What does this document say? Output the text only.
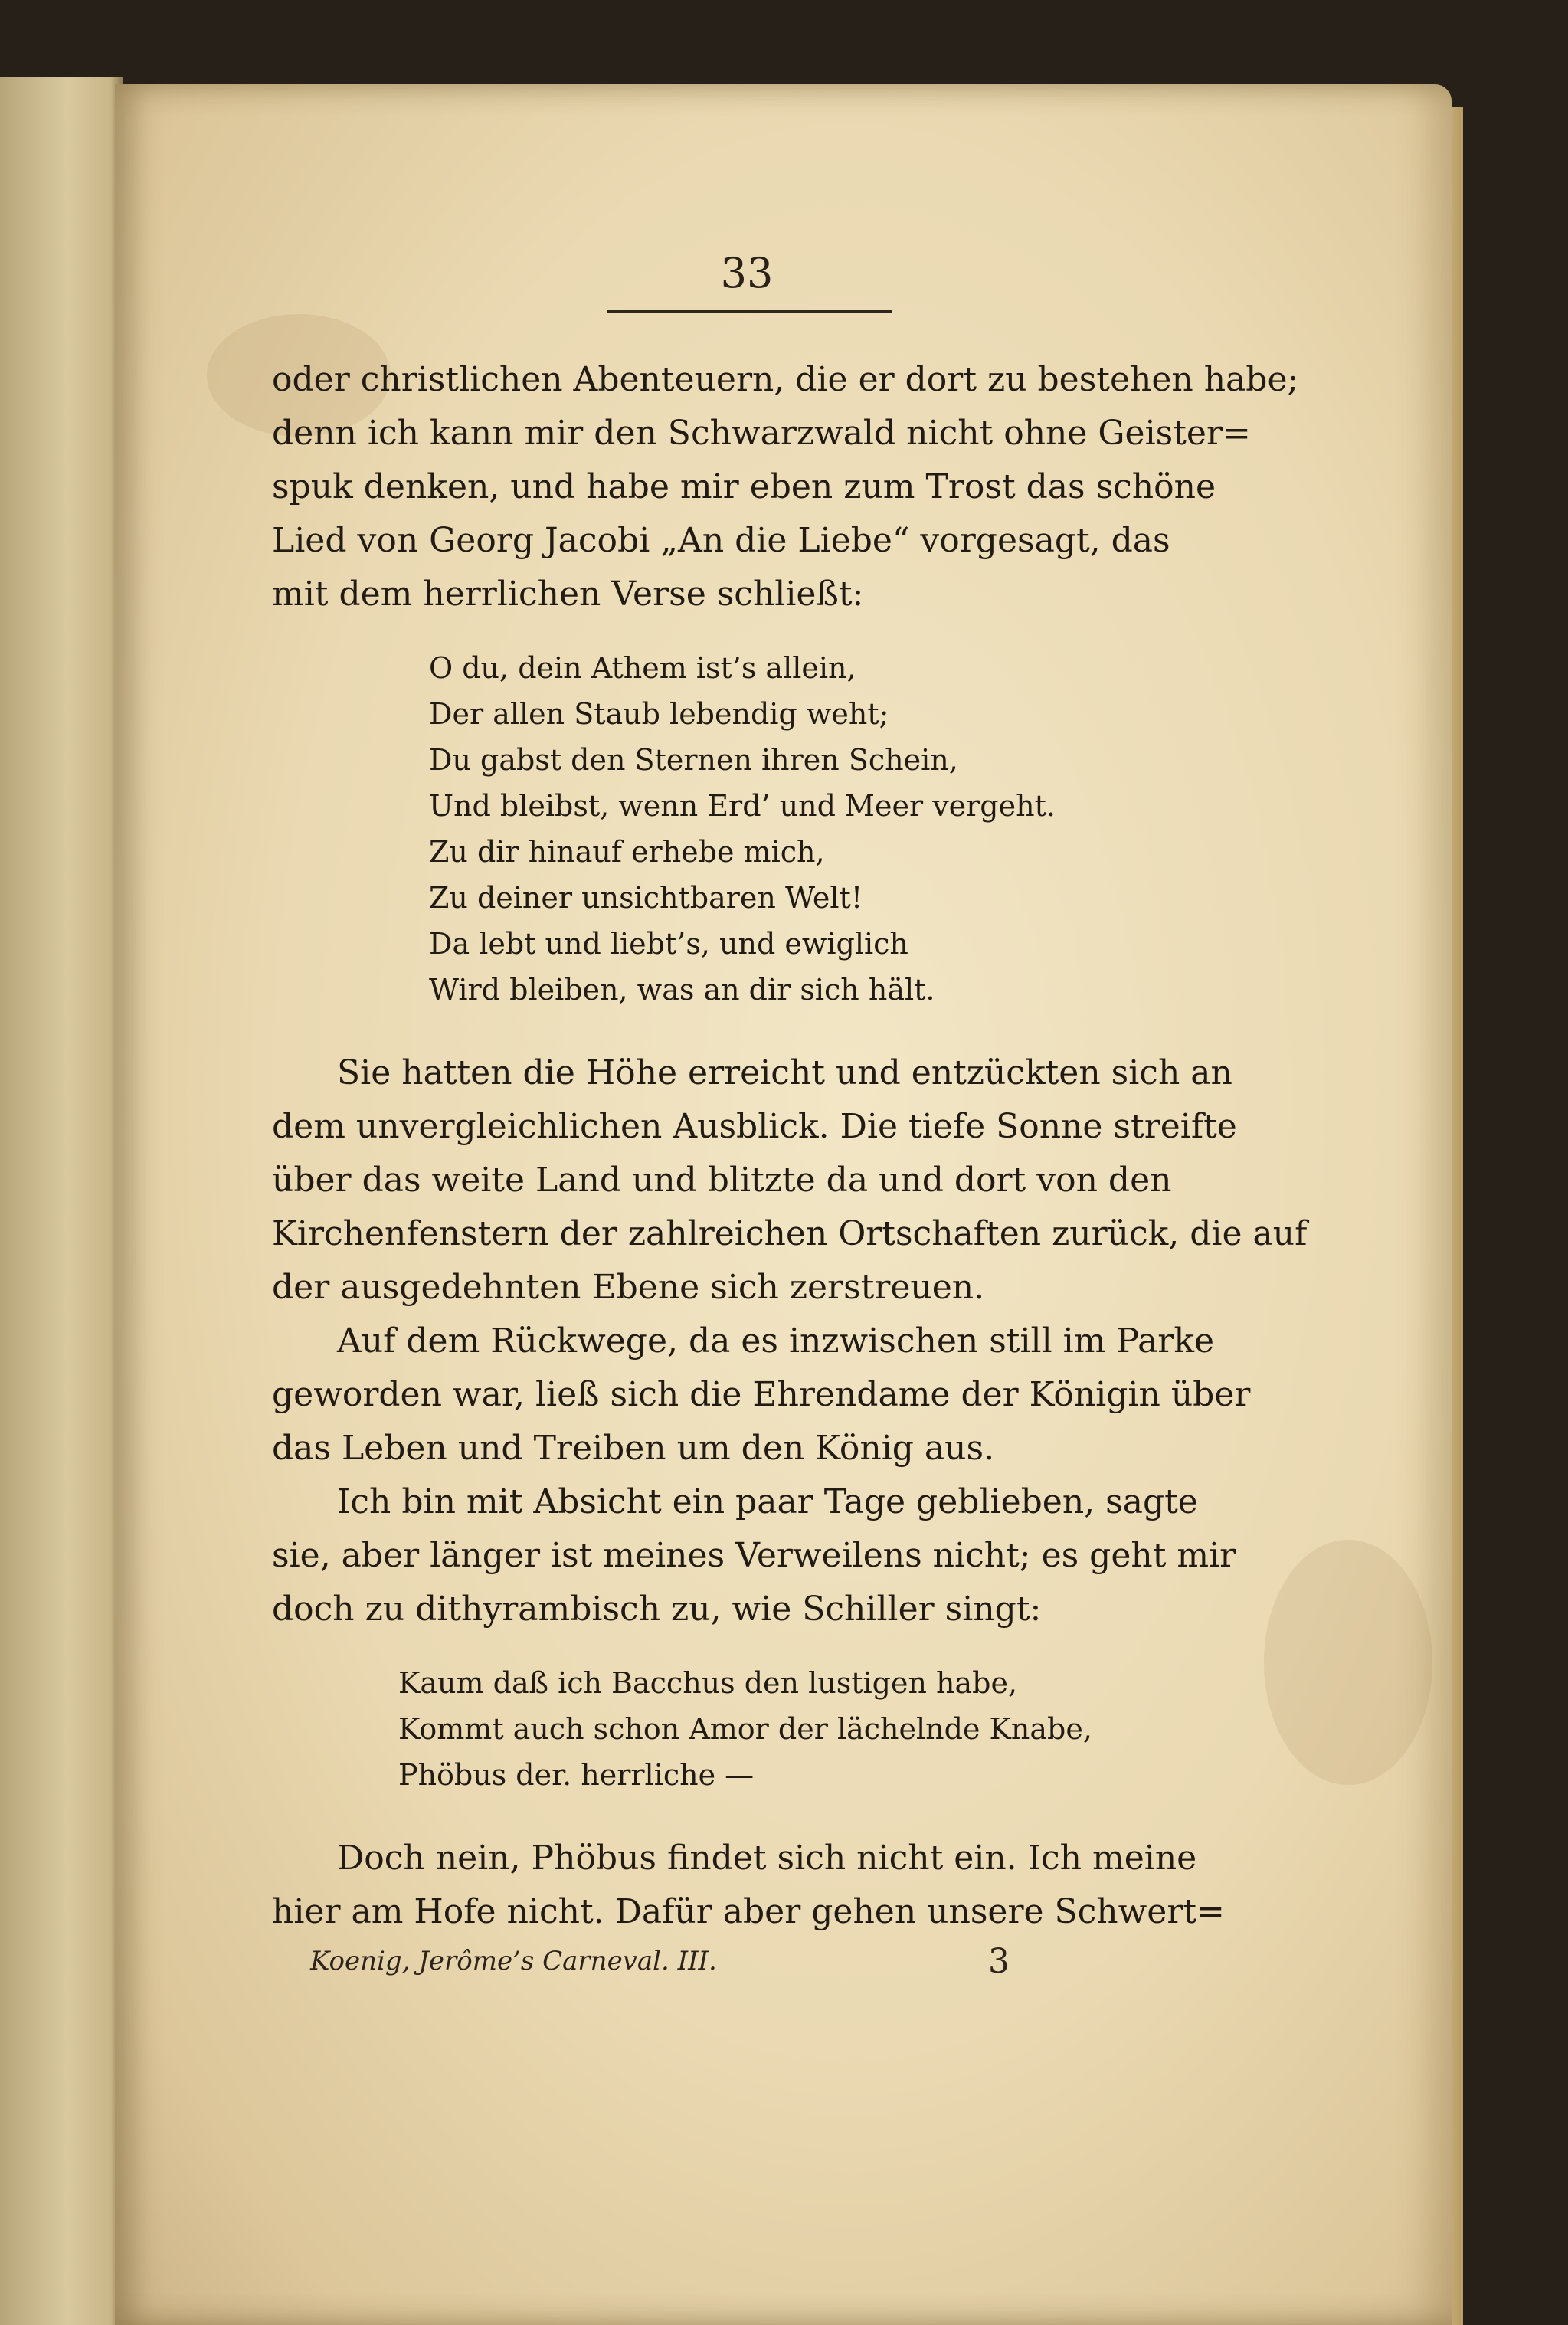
33
oder christlichen Abenteuern, die er dort zu bestehen habe;
denn ich kann mir den Schwarzwald nicht ohne Geister=
spuk denken, und habe mir eben zum Trost das schöne
Lied von Georg Jacobi „An die Liebe“ vorgesagt, das
mit dem herrlichen Verse schließt:
O du, dein Athem ist’s allein,
Der allen Staub lebendig weht;
Du gabst den Sternen ihren Schein,
Und bleibst, wenn Erd’ und Meer vergeht.
Zu dir hinauf erhebe mich,
Zu deiner unsichtbaren Welt!
Da lebt und liebt’s, und ewiglich
Wird bleiben, was an dir sich hält.
Sie hatten die Höhe erreicht und entzückten sich an
dem unvergleichlichen Ausblick. Die tiefe Sonne streifte
über das weite Land und blitzte da und dort von den
Kirchenfenstern der zahlreichen Ortschaften zurück, die auf
der ausgedehnten Ebene sich zerstreuen.
Auf dem Rückwege, da es inzwischen still im Parke
geworden war, ließ sich die Ehrendame der Königin über
das Leben und Treiben um den König aus.
Ich bin mit Absicht ein paar Tage geblieben, sagte
sie, aber länger ist meines Verweilens nicht; es geht mir
doch zu dithyrambisch zu, wie Schiller singt:
Kaum daß ich Bacchus den lustigen habe,
Kommt auch schon Amor der lächelnde Knabe,
Phöbus der. herrliche —
Doch nein, Phöbus findet sich nicht ein. Ich meine
hier am Hofe nicht. Dafür aber gehen unsere Schwert=
Koenig, Jerôme’s Carneval. III.	3
